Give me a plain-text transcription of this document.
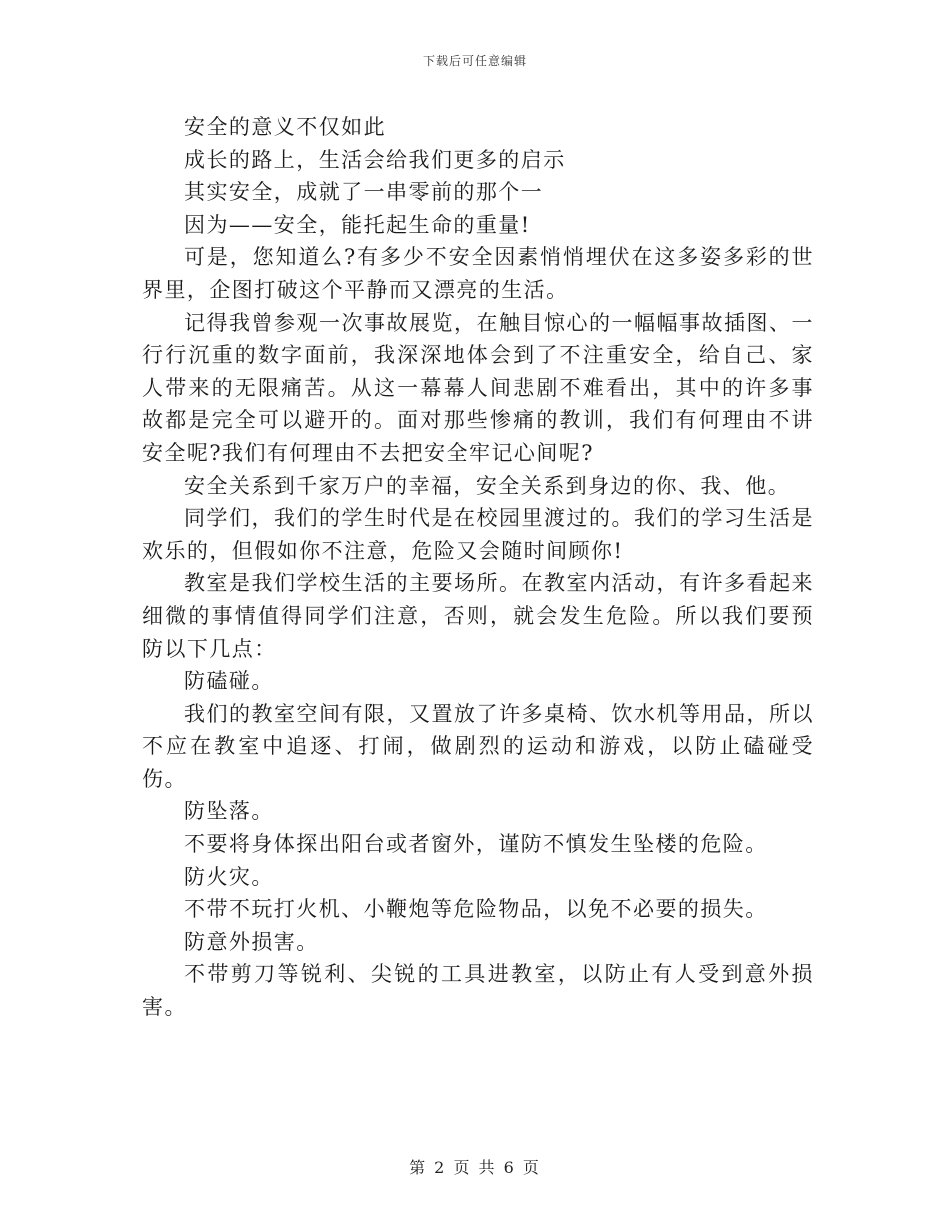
下载后可任意编辑

安全的意义不仅如此

成长的路上，生活会给我们更多的启示

其实安全，成就了一串零前的那个一

因为——安全，能托起生命的重量!

可是，您知道么?有多少不安全因素悄悄埋伏在这多姿多彩的世界里，企图打破这个平静而又漂亮的生活。

记得我曾参观一次事故展览，在触目惊心的一幅幅事故插图、一行行沉重的数字面前，我深深地体会到了不注重安全，给自己、家人带来的无限痛苦。从这一幕幕人间悲剧不难看出，其中的许多事故都是完全可以避开的。面对那些惨痛的教训，我们有何理由不讲安全呢?我们有何理由不去把安全牢记心间呢?

安全关系到千家万户的幸福，安全关系到身边的你、我、他。

同学们，我们的学生时代是在校园里渡过的。我们的学习生活是欢乐的，但假如你不注意，危险又会随时间顾你!

教室是我们学校生活的主要场所。在教室内活动，有许多看起来细微的事情值得同学们注意，否则，就会发生危险。所以我们要预防以下几点：

防磕碰。

我们的教室空间有限，又置放了许多桌椅、饮水机等用品，所以不应在教室中追逐、打闹，做剧烈的运动和游戏，以防止磕碰受伤。

防坠落。

不要将身体探出阳台或者窗外，谨防不慎发生坠楼的危险。

防火灾。

不带不玩打火机、小鞭炮等危险物品，以免不必要的损失。

防意外损害。

不带剪刀等锐利、尖锐的工具进教室，以防止有人受到意外损害。

第 2 页 共 6 页
